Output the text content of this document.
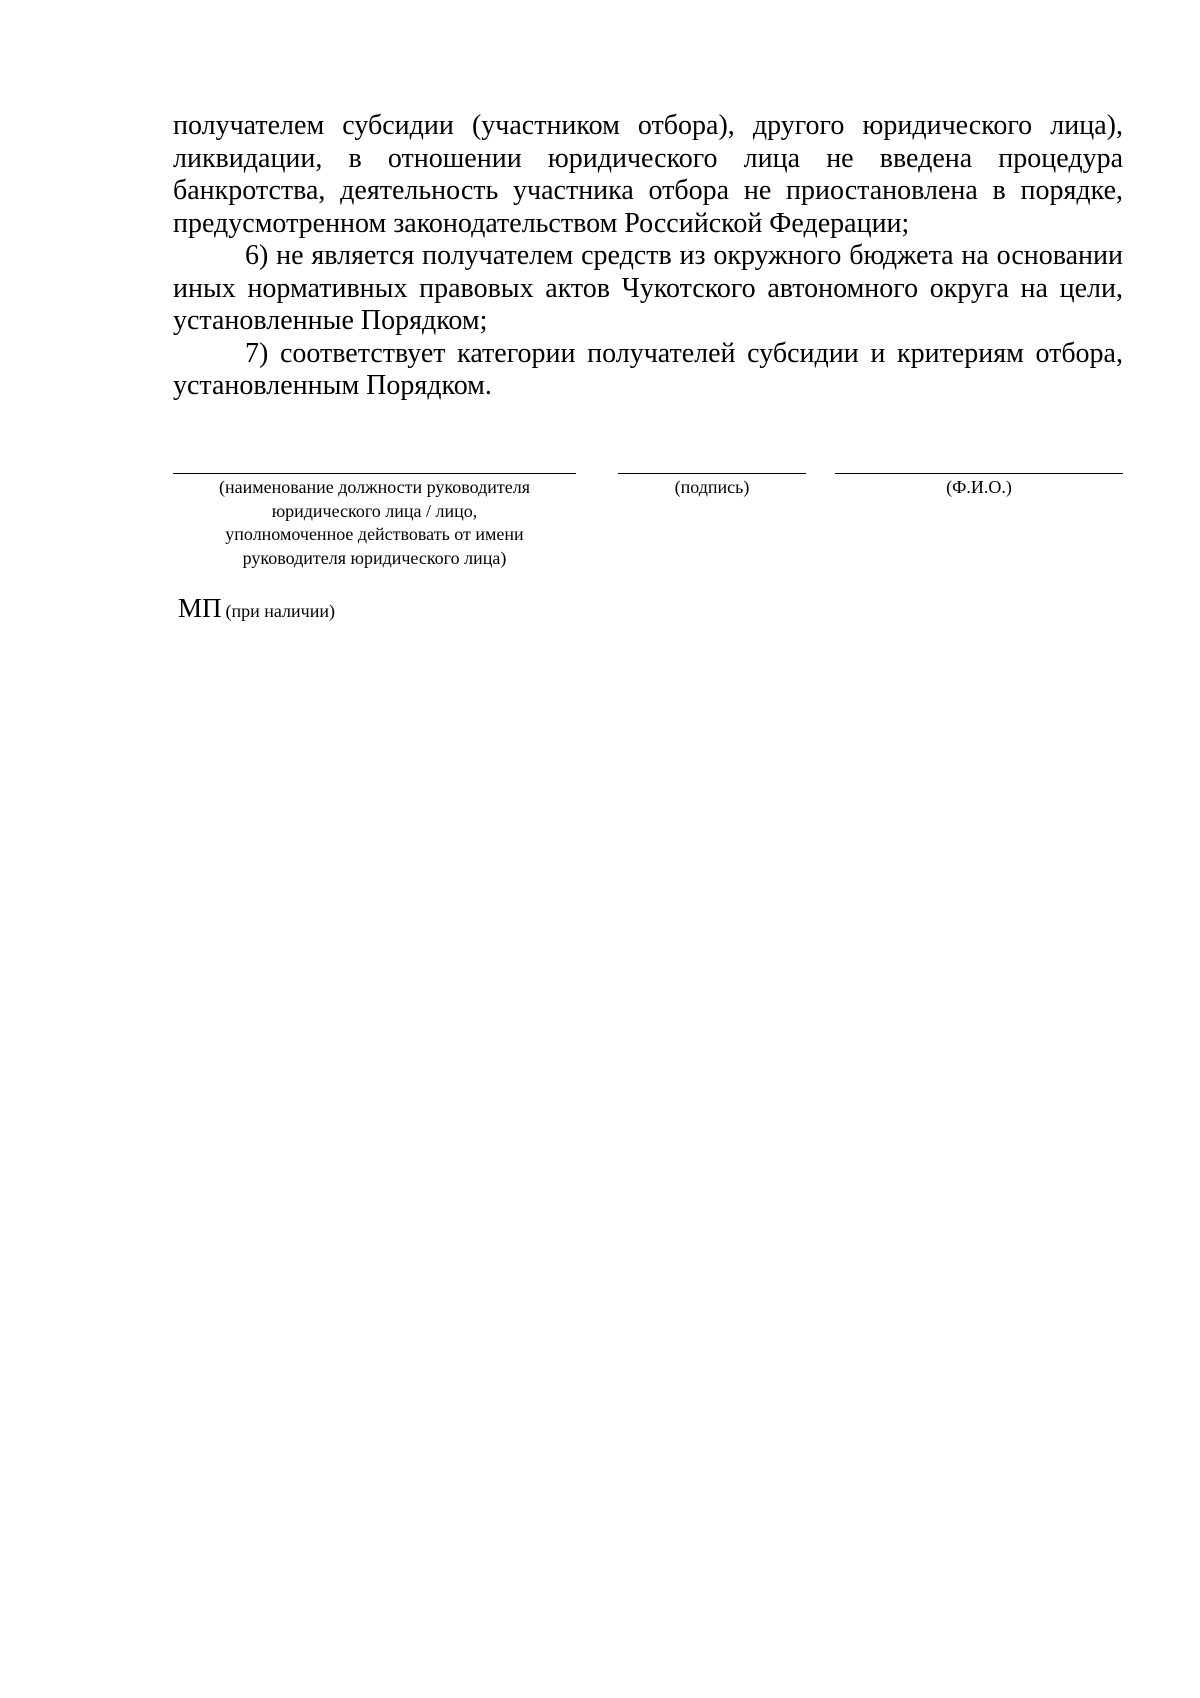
получателем субсидии (участником отбора), другого юридического лица), ликвидации, в отношении юридического лица не введена процедура банкротства, деятельность участника отбора не приостановлена в порядке, предусмотренном законодательством Российской Федерации;

6) не является получателем средств из окружного бюджета на основании иных нормативных правовых актов Чукотского автономного округа на цели, установленные Порядком;

7) соответствует категории получателей субсидии и критериям отбора, установленным Порядком.

(наименование должности руководителя
юридического лица / лицо,
уполномоченное действовать от имени
руководителя юридического лица)
(подпись)	(Ф.И.О.)
МП (при наличии)
